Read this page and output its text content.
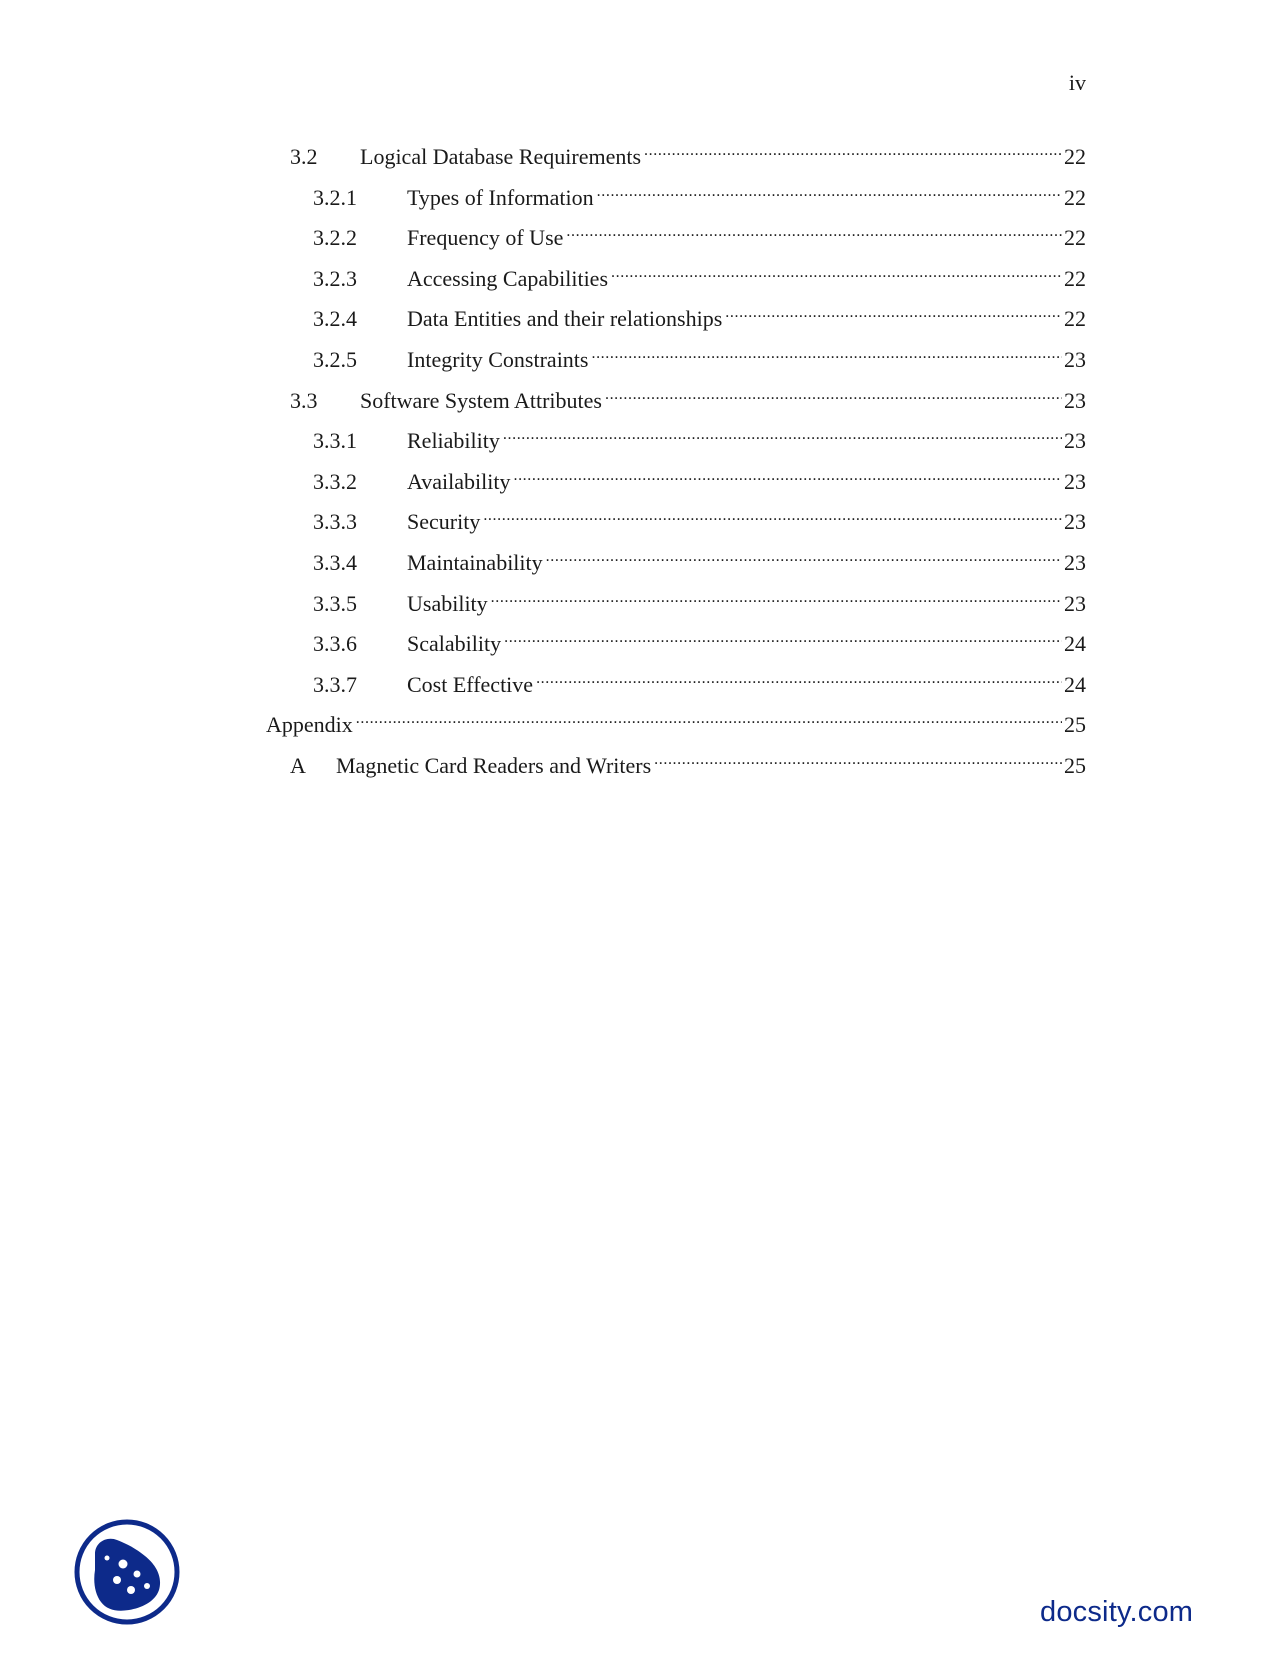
iv
3.2	Logical Database Requirements .....	22
3.2.1	Types of Information .....	22
3.2.2	Frequency of Use .....	22
3.2.3	Accessing Capabilities .....	22
3.2.4	Data Entities and their relationships .....	22
3.2.5	Integrity Constraints .....	23
3.3	Software System Attributes .....	23
3.3.1	Reliability .....	23
3.3.2	Availability .....	23
3.3.3	Security .....	23
3.3.4	Maintainability .....	23
3.3.5	Usability .....	23
3.3.6	Scalability .....	24
3.3.7	Cost Effective .....	24
Appendix .....	25
A	Magnetic Card Readers and Writers .....	25
docsity.com
